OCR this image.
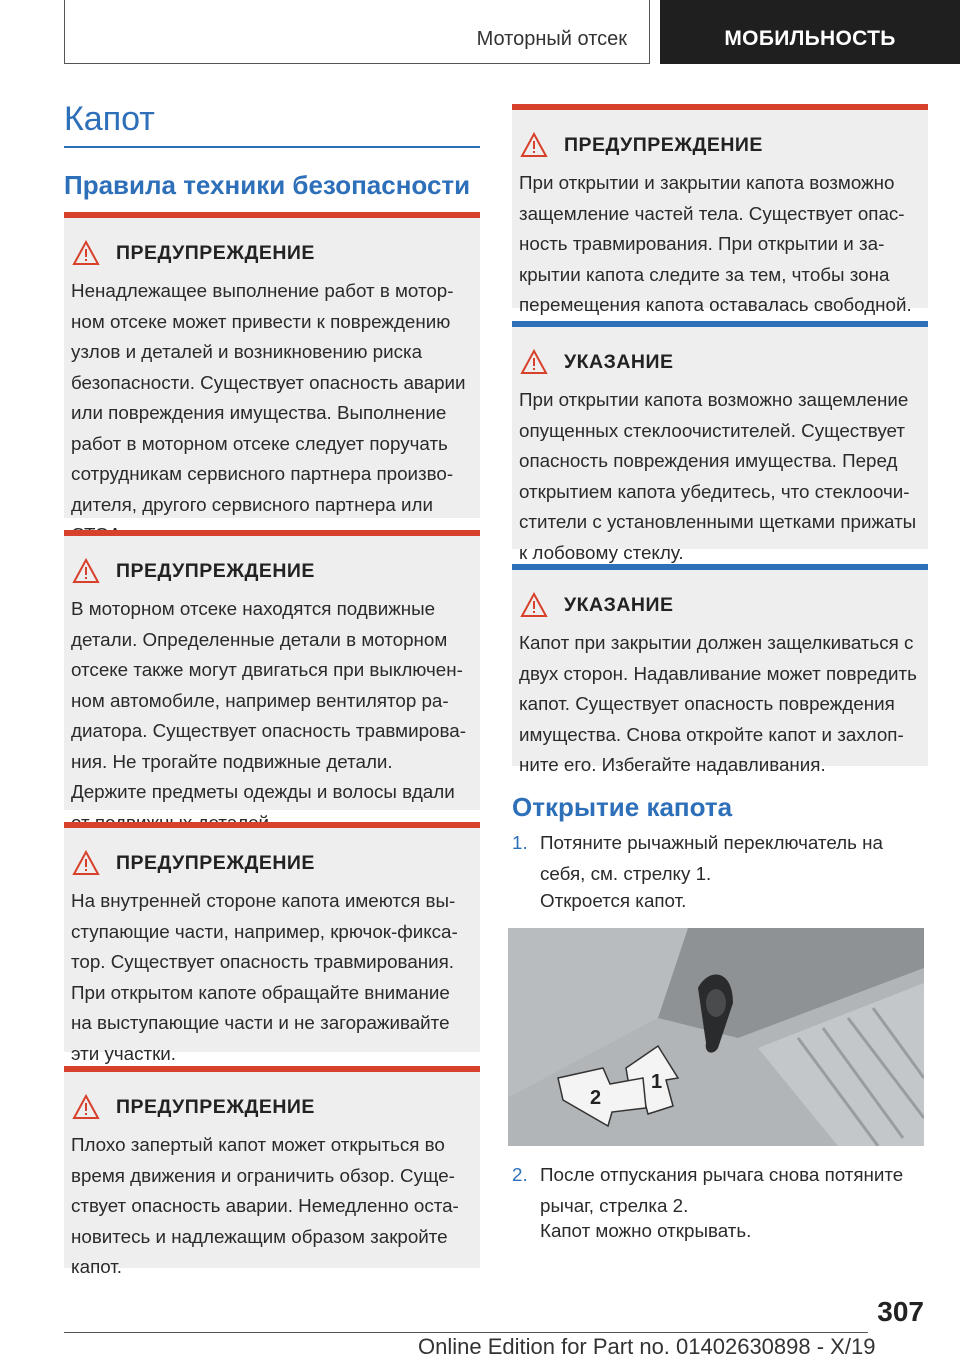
Моторный отсек	МОБИЛЬНОСТЬ
Капот
Правила техники безопасности
ПРЕДУПРЕЖДЕНИЕ
Ненадлежащее выполнение работ в мотор-
ном отсеке может привести к повреждению
узлов и деталей и возникновению риска
безопасности. Существует опасность аварии
или повреждения имущества. Выполнение
работ в моторном отсеке следует поручать
сотрудникам сервисного партнера произво-
дителя, другого сервисного партнера или
ПРЕДУПРЕЖДЕНИЕ
В моторном отсеке находятся подвижные
детали. Определенные детали в моторном
отсеке также могут двигаться при выключен-
ном автомобиле, например вентилятор ра-
диатора. Существует опасность травмирова-
ния. Не трогайте подвижные детали.
Держите предметы одежды и волосы вдали
ПРЕДУПРЕЖДЕНИЕ
На внутренней стороне капота имеются вы-
ступающие части, например, крючок-фикса-
тор. Существует опасность травмирования.
При открытом капоте обращайте внимание
на выступающие части и не загораживайте
эти участки.
ПРЕДУПРЕЖДЕНИЕ
Плохо запертый капот может открыться во
время движения и ограничить обзор. Суще-
ствует опасность аварии. Немедленно оста-
новитесь и надлежащим образом закройте
капот.
ПРЕДУПРЕЖДЕНИЕ
При открытии и закрытии капота возможно
защемление частей тела. Существует опас-
ность травмирования. При открытии и за-
крытии капота следите за тем, чтобы зона
перемещения капота оставалась свободной.
УКАЗАНИЕ
При открытии капота возможно защемление
опущенных стеклоочистителей. Существует
опасность повреждения имущества. Перед
открытием капота убедитесь, что стеклоочи-
стители с установленными щетками прижаты
к лобовому стеклу.
УКАЗАНИЕ
Капот при закрытии должен защелкиваться с
двух сторон. Надавливание может повредить
капот. Существует опасность повреждения
имущества. Снова откройте капот и захлоп-
ните его. Избегайте надавливания.
Открытие капота
1. Потяните рычажный переключатель на
себя, см. стрелку 1.
Откроется капот.
1
2
2. После отпускания рычага снова потяните
рычаг, стрелка 2.
Капот можно открывать.
307
Online Edition for Part no. 01402630898 - X/19
